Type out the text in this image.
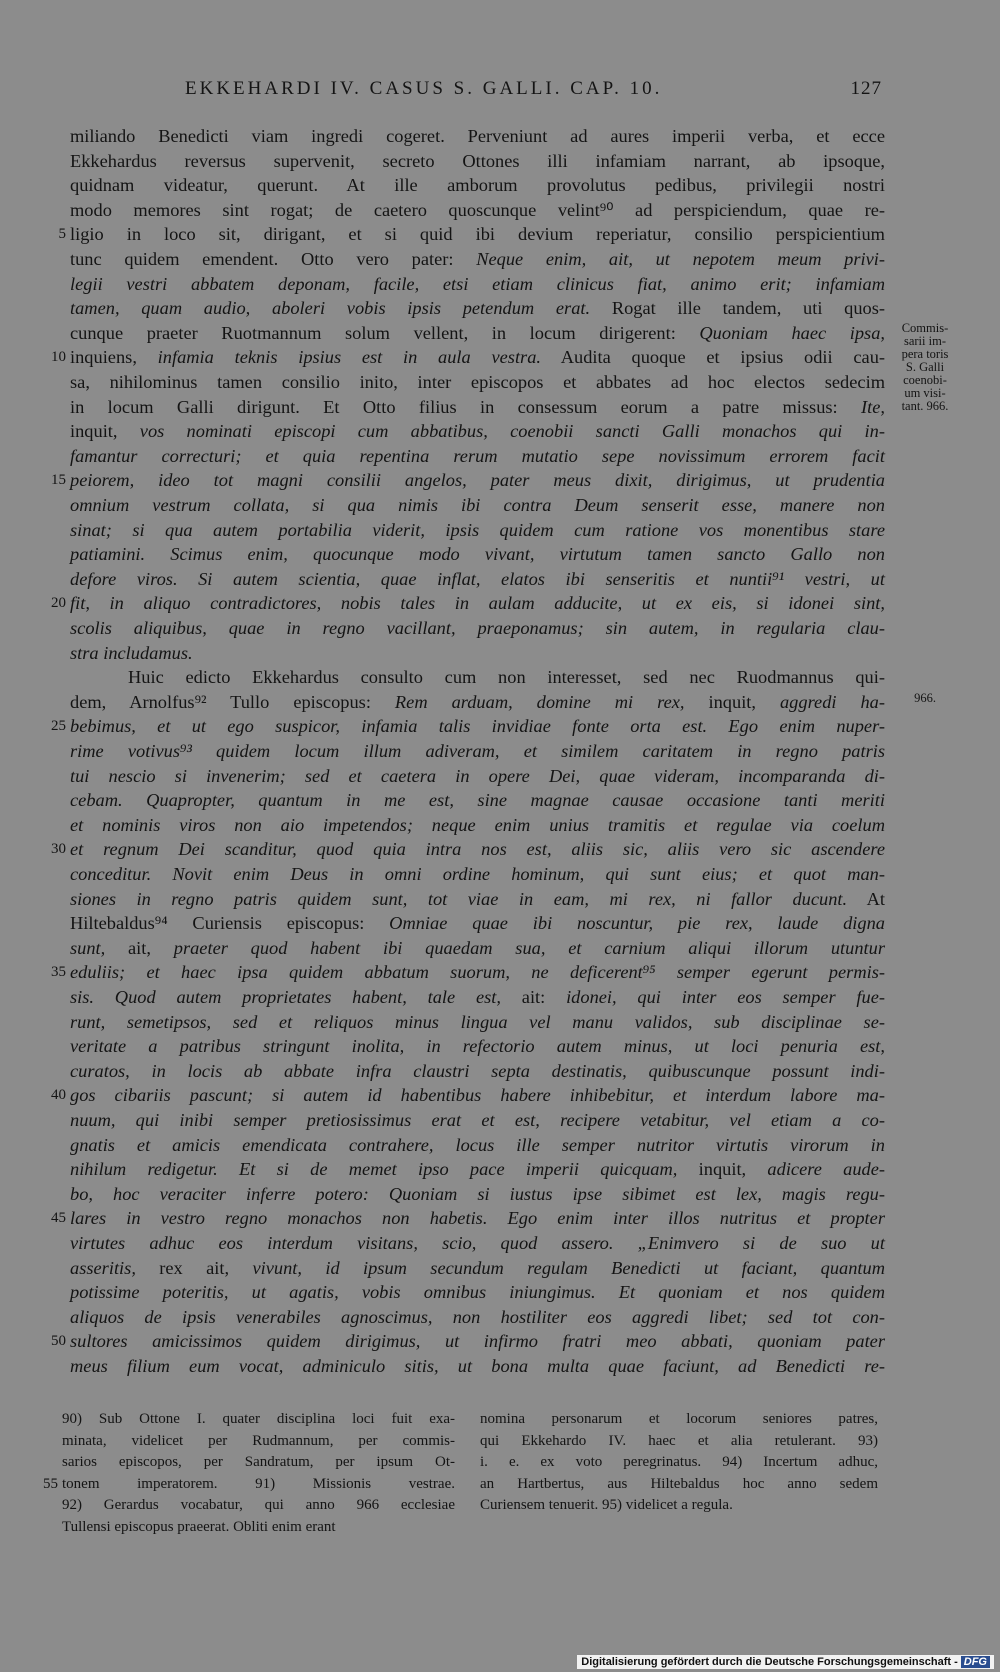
EKKEHARDI IV. CASUS S. GALLI. CAP. 10.	127
miliando Benedicti viam ingredi cogeret. Perveniunt ad aures imperii verba, et ecce
Ekkehardus reversus supervenit, secreto Ottones illi infamiam narrant, ab ipsoque,
quidnam videatur, querunt. At ille amborum provolutus pedibus, privilegii nostri
modo memores sint rogat; de caetero quoscunque velint⁹⁰ ad perspiciendum, quae re-
5 ligio in loco sit, dirigant, et si quid ibi devium reperiatur, consilio perspicientium
tunc quidem emendent. Otto vero pater: Neque enim, ait, ut nepotem meum privi-
legii vestri abbatem deponam, facile, etsi etiam clinicus fiat, animo erit; infamiam
tamen, quam audio, aboleri vobis ipsis petendum erat. Rogat ille tandem, uti quos-
cunque praeter Ruotmannum solum vellent, in locum dirigerent: Quoniam haec ipsa,
10 inquiens, infamia teknis ipsius est in aula vestra. Audita quoque et ipsius odii cau-
sa, nihilominus tamen consilio inito, inter episcopos et abbates ad hoc electos sedecim
in locum Galli dirigunt. Et Otto filius in consessum eorum a patre missus: Ite,
inquit, vos nominati episcopi cum abbatibus, coenobii sancti Galli monachos qui in-
famantur correcturi; et quia repentina rerum mutatio sepe novissimum errorem facit
15 peiorem, ideo tot magni consilii angelos, pater meus dixit, dirigimus, ut prudentia
omnium vestrum collata, si qua nimis ibi contra Deum senserit esse, manere non
sinat; si qua autem portabilia viderit, ipsis quidem cum ratione vos monentibus stare
patiamini. Scimus enim, quocunque modo vivant, virtutum tamen sancto Gallo non
defore viros. Si autem scientia, quae inflat, elatos ibi senseritis et nuntii⁹¹ vestri, ut
20 fit, in aliquo contradictores, nobis tales in aulam adducite, ut ex eis, si idonei sint,
scolis aliquibus, quae in regno vacillant, praeponamus; sin autem, in regularia clau-
stra includamus.
Huic edicto Ekkehardus consulto cum non interesset, sed nec Ruodmannus qui-
dem, Arnolfus⁹² Tullo episcopus: Rem arduam, domine mi rex, inquit, aggredi ha-
25 bebimus, et ut ego suspicor, infamia talis invidiae fonte orta est. Ego enim nuper-
rime votivus⁹³ quidem locum illum adiveram, et similem caritatem in regno patris
tui nescio si invenerim; sed et caetera in opere Dei, quae videram, incomparanda di-
cebam. Quapropter, quantum in me est, sine magnae causae occasione tanti meriti
et nominis viros non aio impetendos; neque enim unius tramitis et regulae via coelum
30 et regnum Dei scanditur, quod quia intra nos est, aliis sic, aliis vero sic ascendere
conceditur. Novit enim Deus in omni ordine hominum, qui sunt eius; et quot man-
siones in regno patris quidem sunt, tot viae in eam, mi rex, ni fallor ducunt. At
Hiltebaldus⁹⁴ Curiensis episcopus: Omniae quae ibi noscuntur, pie rex, laude digna
sunt, ait, praeter quod habent ibi quaedam sua, et carnium aliqui illorum utuntur
35 eduliis; et haec ipsa quidem abbatum suorum, ne deficerent⁹⁵ semper egerunt permis-
sis. Quod autem proprietates habent, tale est, ait: idonei, qui inter eos semper fue-
runt, semetipsos, sed et reliquos minus lingua vel manu validos, sub disciplinae se-
veritate a patribus stringunt inolita, in refectorio autem minus, ut loci penuria est,
curatos, in locis ab abbate infra claustri septa destinatis, quibuscunque possunt indi-
40 gos cibariis pascunt; si autem id habentibus habere inhibebitur, et interdum labore ma-
nuum, qui inibi semper pretiosissimus erat et est, recipere vetabitur, vel etiam a co-
gnatis et amicis emendicata contrahere, locus ille semper nutritor virtutis virorum in
nihilum redigetur. Et si de memet ipso pace imperii quicquam, inquit, adicere aude-
bo, hoc veraciter inferre potero: Quoniam si iustus ipse sibimet est lex, magis regu-
45 lares in vestro regno monachos non habetis. Ego enim inter illos nutritus et propter
virtutes adhuc eos interdum visitans, scio, quod assero. „Enimvero si de suo ut
asseritis, rex ait, vivunt, id ipsum secundum regulam Benedicti ut faciant, quantum
potissime poteritis, ut agatis, vobis omnibus iniungimus. Et quoniam et nos quidem
aliquos de ipsis venerabiles agnoscimus, non hostiliter eos aggredi libet; sed tot con-
50 sultores amicissimos quidem dirigimus, ut infirmo fratri meo abbati, quoniam pater
meus filium eum vocat, adminiculo sitis, ut bona multa quae faciunt, ad Benedicti re-
Commis-
sarii im-
pera toris
S. Galli
coenobi-
um visi-
tant. 966.
966.
90) Sub Ottone I. quater disciplina loci fuit exa-
minata, videlicet per Rudmannum, per commis-
sarios episcopos, per Sandratum, per ipsum Ot-
tonem imperatorem. 91) Missionis vestrae.
92) Gerardus vocabatur, qui anno 966 ecclesiae
Tullensi episcopus praeerat. Obliti enim erant
55
nomina personarum et locorum seniores patres,
qui Ekkehardo IV. haec et alia retulerant. 93)
i. e. ex voto peregrinatus. 94) Incertum adhuc,
an Hartbertus, aus Hiltebaldus hoc anno sedem
Curiensem tenuerit. 95) videlicet a regula.
Digitalisierung gefördert durch die Deutsche Forschungsgemeinschaft - DFG
